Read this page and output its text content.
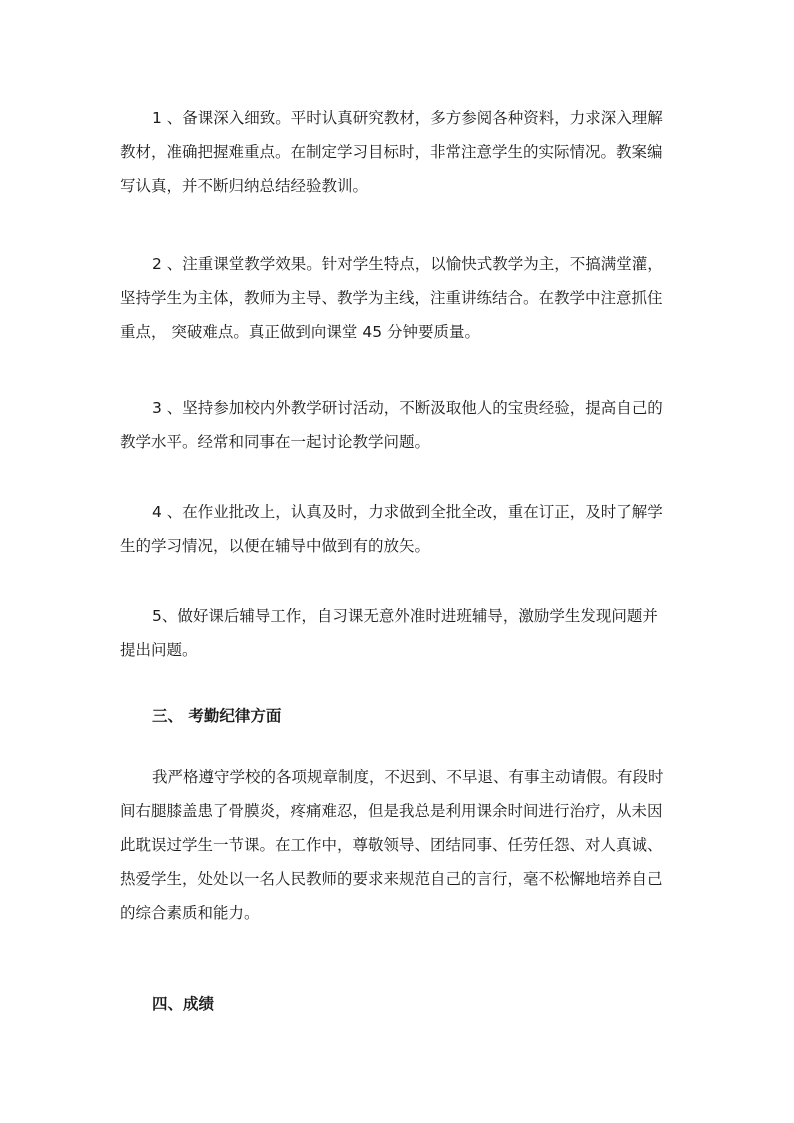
1 、备课深入细致。平时认真研究教材，多方参阅各种资料，力求深入理解
教材，准确把握难重点。在制定学习目标时，非常注意学生的实际情况。教案编
写认真，并不断归纳总结经验教训。
2 、注重课堂教学效果。针对学生特点，以愉快式教学为主，不搞满堂灌，
坚持学生为主体，教师为主导、教学为主线，注重讲练结合。在教学中注意抓住
重点， 突破难点。真正做到向课堂 45 分钟要质量。
3 、坚持参加校内外教学研讨活动，不断汲取他人的宝贵经验，提高自己的
教学水平。经常和同事在一起讨论教学问题。
4 、在作业批改上，认真及时，力求做到全批全改，重在订正，及时了解学
生的学习情况，以便在辅导中做到有的放矢。
5、做好课后辅导工作，自习课无意外准时进班辅导，激励学生发现问题并
提出问题。
三、 考勤纪律方面
我严格遵守学校的各项规章制度，不迟到、不早退、有事主动请假。有段时
间右腿膝盖患了骨膜炎，疼痛难忍，但是我总是利用课余时间进行治疗，从未因
此耽误过学生一节课。在工作中，尊敬领导、团结同事、任劳任怨、对人真诚、
热爱学生，处处以一名人民教师的要求来规范自己的言行，毫不松懈地培养自己
的综合素质和能力。
四、成绩
